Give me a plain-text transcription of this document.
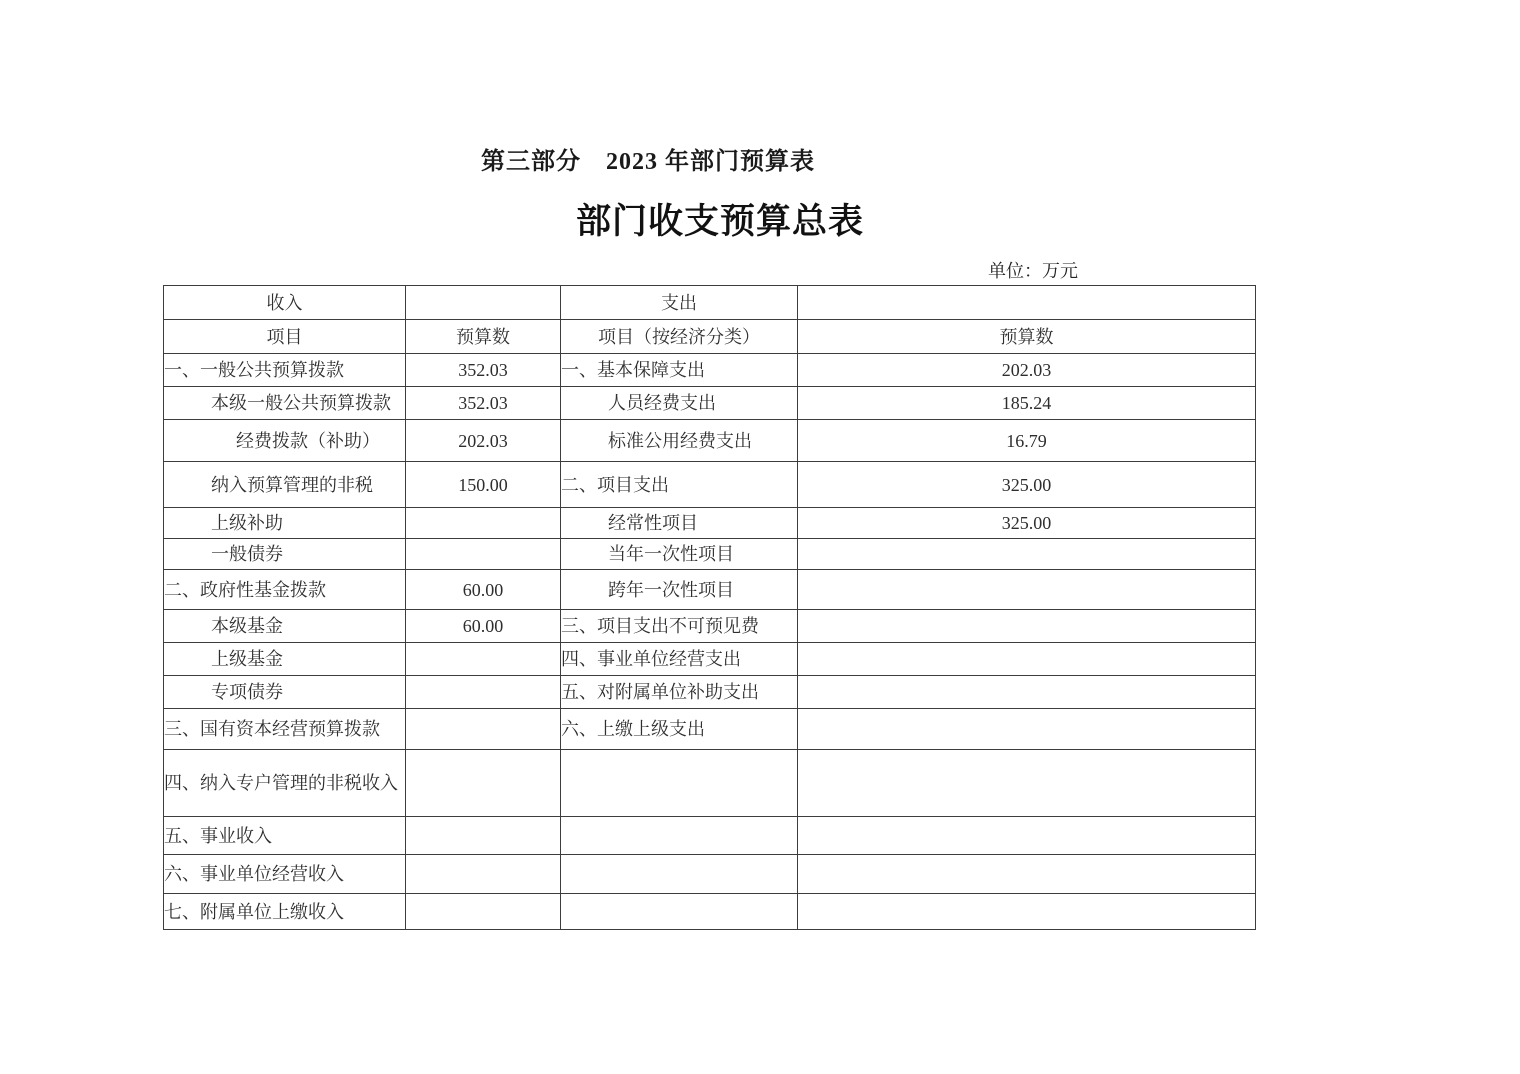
第三部分　2023 年部门预算表
部门收支预算总表
单位：万元
收入		支出	
项目	预算数	项目（按经济分类）	预算数
一、一般公共预算拨款	352.03	一、基本保障支出	202.03
本级一般公共预算拨款	352.03	人员经费支出	185.24
经费拨款（补助）	202.03	标准公用经费支出	16.79
纳入预算管理的非税	150.00	二、项目支出	325.00
上级补助		经常性项目	325.00
一般债券		当年一次性项目	
二、政府性基金拨款	60.00	跨年一次性项目	
本级基金	60.00	三、项目支出不可预见费	
上级基金		四、事业单位经营支出	
专项债券		五、对附属单位补助支出	
三、国有资本经营预算拨款		六、上缴上级支出	
四、纳入专户管理的非税收入			
五、事业收入			
六、事业单位经营收入			
七、附属单位上缴收入			
